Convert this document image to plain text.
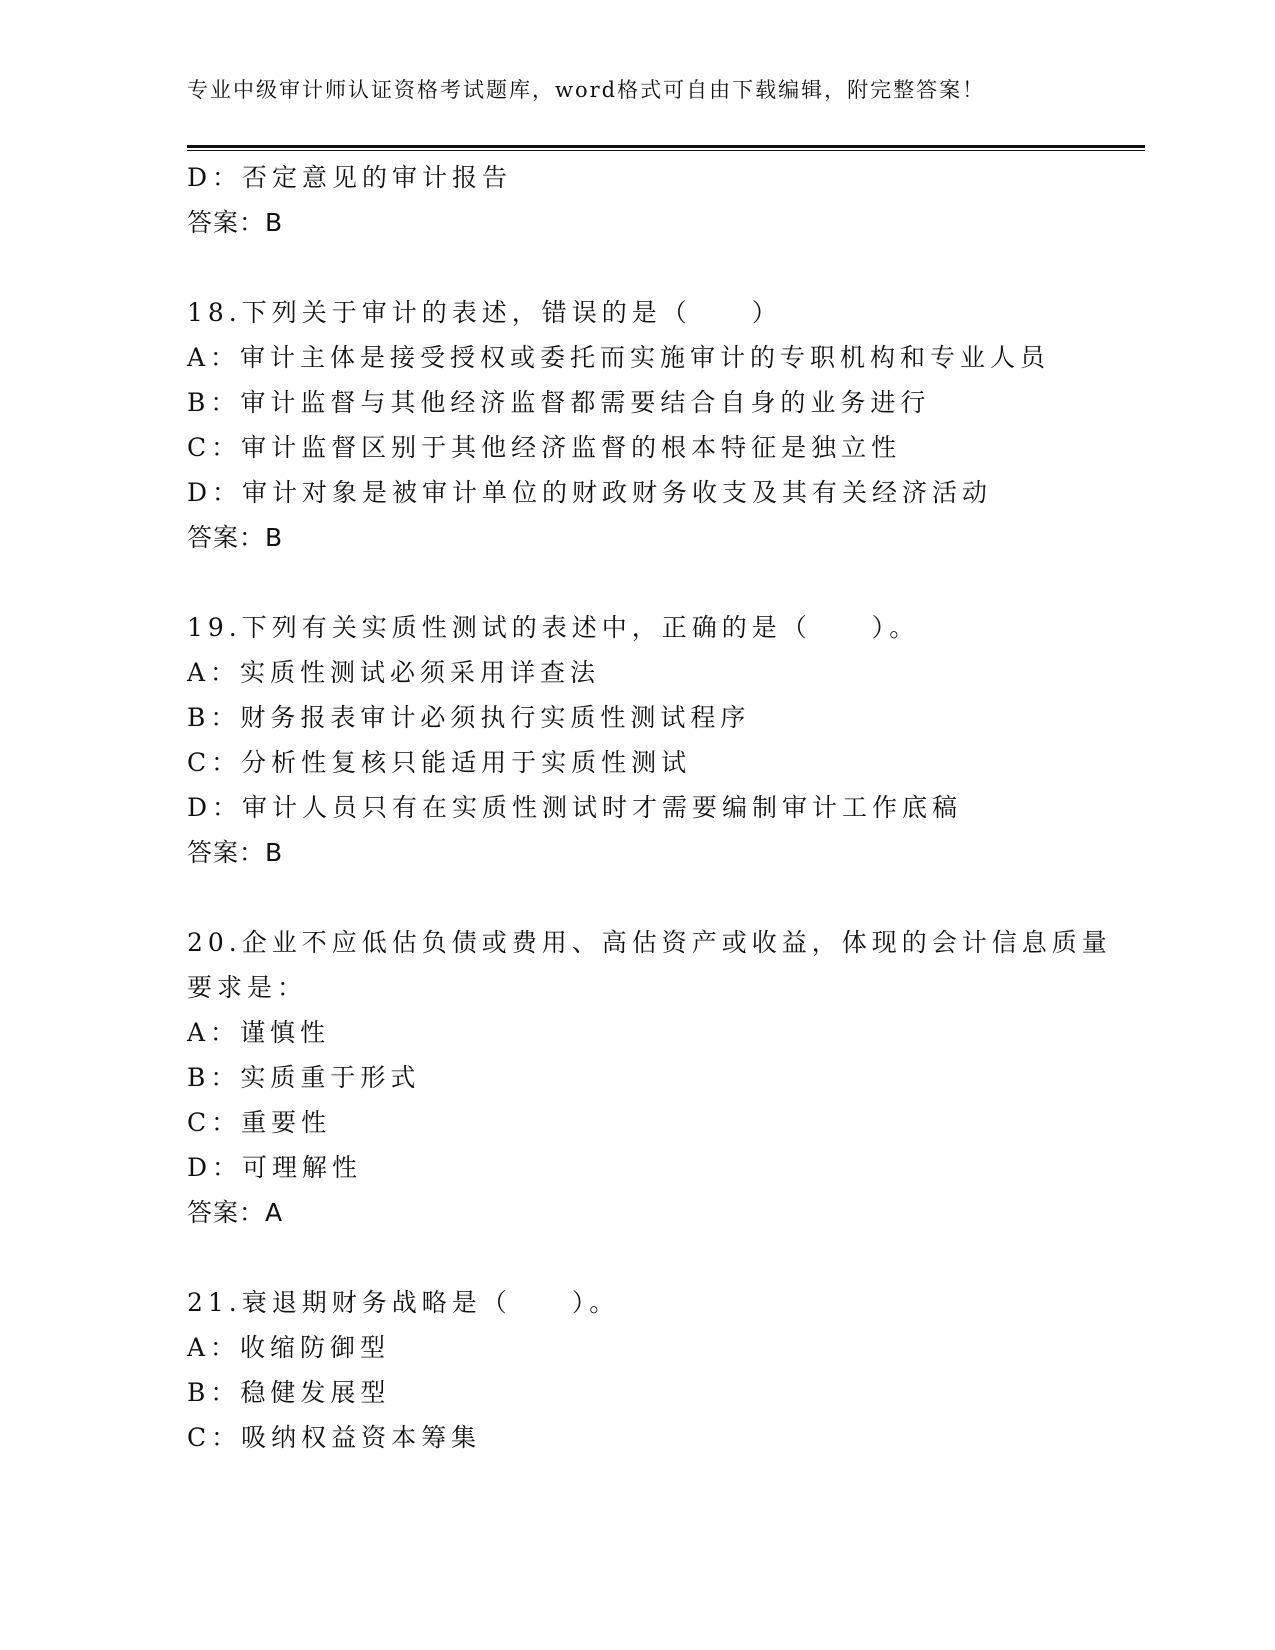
专业中级审计师认证资格考试题库，word格式可自由下载编辑，附完整答案！
D：否定意见的审计报告
答案：B
18.下列关于审计的表述，错误的是（　　）
A：审计主体是接受授权或委托而实施审计的专职机构和专业人员
B：审计监督与其他经济监督都需要结合自身的业务进行
C：审计监督区别于其他经济监督的根本特征是独立性
D：审计对象是被审计单位的财政财务收支及其有关经济活动
答案：B
19.下列有关实质性测试的表述中，正确的是（　　）。
A：实质性测试必须采用详查法
B：财务报表审计必须执行实质性测试程序
C：分析性复核只能适用于实质性测试
D：审计人员只有在实质性测试时才需要编制审计工作底稿
答案：B
20.企业不应低估负债或费用、高估资产或收益，体现的会计信息质量
要求是：
A：谨慎性
B：实质重于形式
C：重要性
D：可理解性
答案：A
21.衰退期财务战略是（　　）。
A：收缩防御型
B：稳健发展型
C：吸纳权益资本筹集
